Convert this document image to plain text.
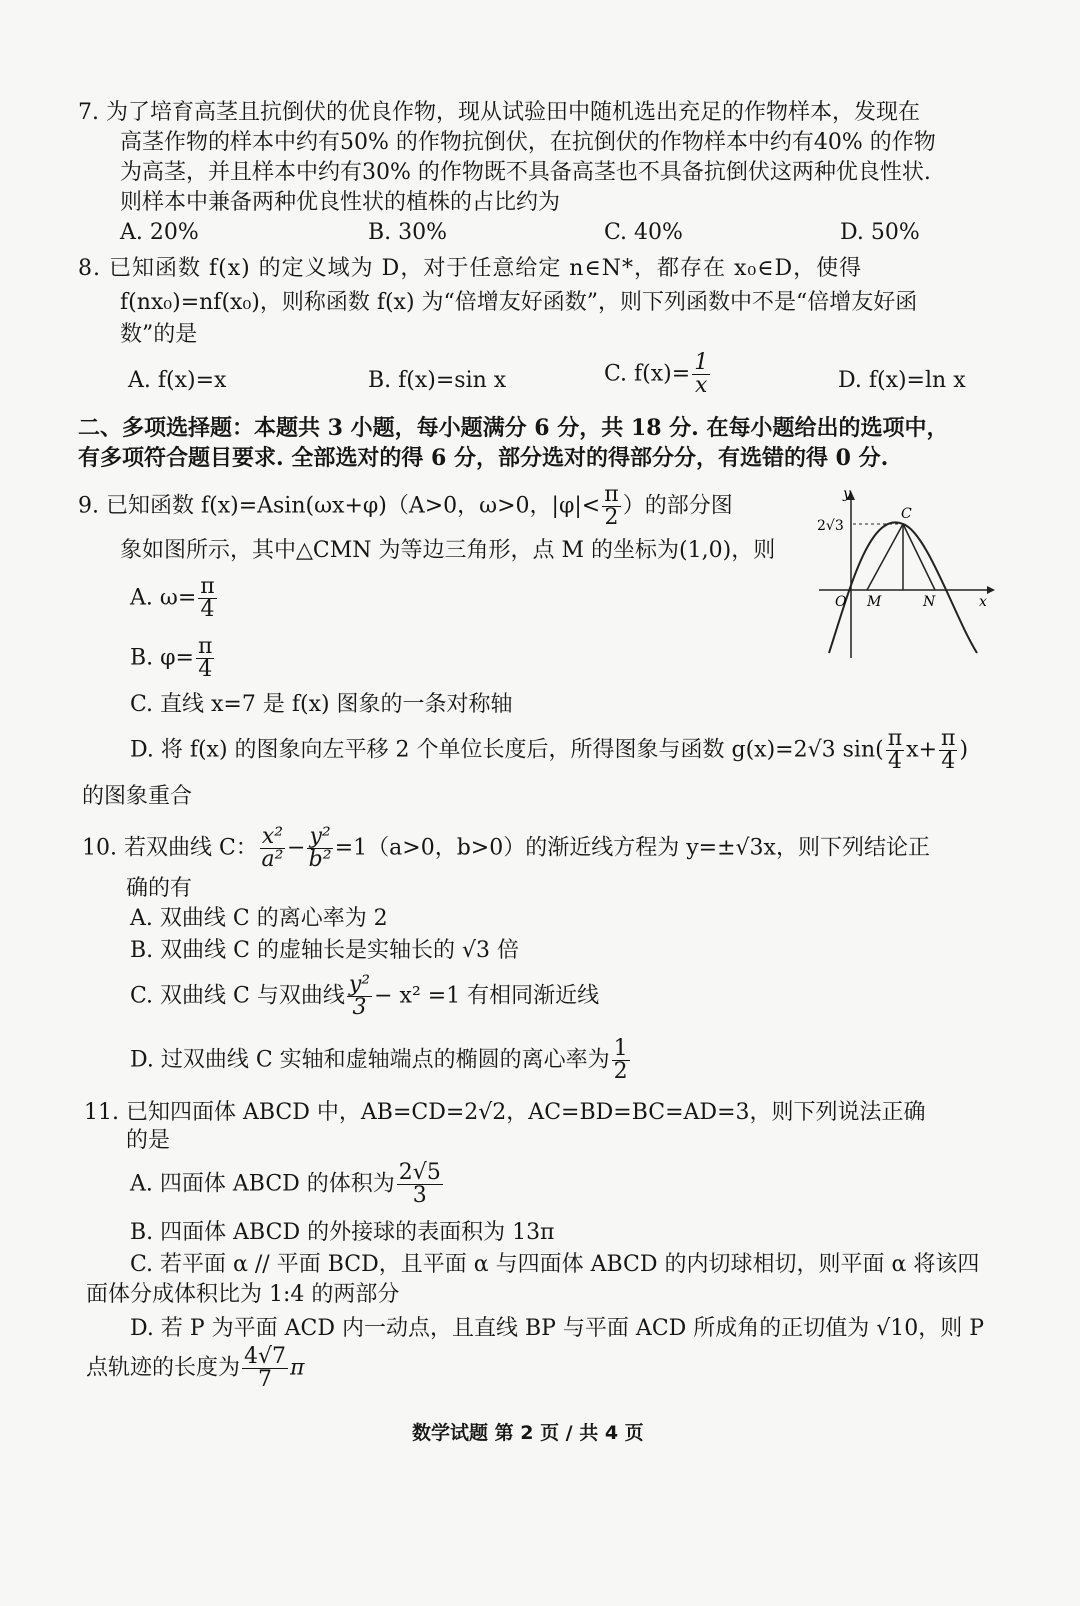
7. 为了培育高茎且抗倒伏的优良作物，现从试验田中随机选出充足的作物样本，发现在
高茎作物的样本中约有50% 的作物抗倒伏，在抗倒伏的作物样本中约有40% 的作物
为高茎，并且样本中约有30% 的作物既不具备高茎也不具备抗倒伏这两种优良性状.
则样本中兼备两种优良性状的植株的占比约为
A. 20%	B. 30%	C. 40%	D. 50%
8. 已知函数 f(x) 的定义域为 D，对于任意给定 n∈N*，都存在 x₀∈D，使得
f(nx₀)=nf(x₀)，则称函数 f(x) 为“倍增友好函数”，则下列函数中不是“倍增友好函
数”的是
A. f(x)=x	B. f(x)=sin x	C. $f(x)= \frac{1}{x}$	D. f(x)=ln x
二、多项选择题：本题共 3 小题，每小题满分 6 分，共 18 分. 在每小题给出的选项中，
有多项符合题目要求. 全部选对的得 6 分，部分选对的得部分分，有选错的得 0 分.
9. 已知函数 f(x)=Asin(ωx+φ)（A>0，ω>0，$|\varphi|< \frac{\pi}{2}$ ）的部分图
象如图所示，其中△CMN 为等边三角形，点 M 的坐标为(1,0)，则
A. $\omega= \frac{\pi}{4}$
B. $\varphi= \frac{\pi}{4}$
C. 直线 x=7 是 f(x) 图象的一条对称轴
D. 将 f(x) 的图象向左平移 2 个单位长度后，所得图象与函数 g(x)=2√3 $\sin( \frac{\pi}{4} x+ \frac{\pi}{4}$ )
的图象重合
y
x
2√3
O M	N
C
10. 若双曲线 C： $\frac{\text{x²}}{\text{a²}} - \frac{\text{y²}}{\text{b²}} =1(a>0$，b>0）的渐近线方程为 y=±√3x，则下列结论正
确的有
A. 双曲线 C 的离心率为 2
B. 双曲线 C 的虚轴长是实轴长的 √3 倍
C. 双曲线 C 与双曲线 $\frac{\text{y²}}{3} - x^2 =1$ 有相同渐近线
D. 过双曲线 C 实轴和虚轴端点的椭圆的离心率为 $\frac{1}{2}$
11. 已知四面体 ABCD 中，AB=CD=2√2，AC=BD=BC=AD=3，则下列说法正确
的是
A. 四面体 ABCD 的体积为 $\frac{2√5}{3}$
B. 四面体 ABCD 的外接球的表面积为 13π
C. 若平面 α // 平面 BCD，且平面 α 与四面体 ABCD 的内切球相切，则平面 α 将该四
面体分成体积比为 1:4 的两部分
D. 若 P 为平面 ACD 内一动点，且直线 BP 与平面 ACD 所成角的正切值为 √10，则 P
点轨迹的长度为 $\frac{4√7}{7}$ π
数学试题 第 2 页 / 共 4 页
